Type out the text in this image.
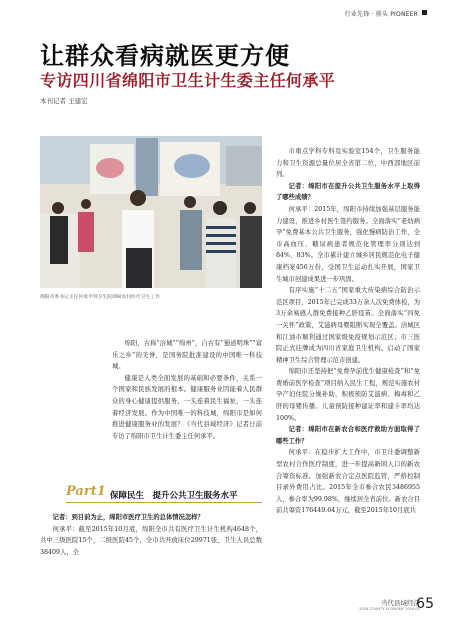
行业先锋 · 排头 PIONEER
让群众看病就医更方便
专访四川省绵阳市卫生计生委主任何承平
本刊记者 王建宏
绵阳市委书记主任何承平到卫生院调研农村医疗卫生工作

绵阳，古称“涪城”“绵州”，自古有“蜀道明珠”“富乐之乡”的美誉，是国务院批准建设的中国唯一科技城。

健康是人类全面发展的基础和必要条件，关系一个国家和民族发展的根本。健康服务业因能着人民群众的身心健康提供服务，一头连着民生福祉，一头连着经济发展。作为中国唯一的科技城，绵阳市是如何推进健康服务业的发展？《当代县域经济》记者日前专访了绵阳市卫生计生委主任何承平。

Part1 保障民生　提升公共卫生服务水平

记者：到目前为止，绵阳市医疗卫生的总体情况怎样？

何承平：截至2015年10月底，绵阳全市共有医疗卫生计生机构4648个，共中三级医院15个，二级医院45个，全市共开放床位29971张，卫生人员总数38409人，全

市重点学科专科及实验室154个，卫生服务能力和卫生资源总量位居全省第二位，中西部地区前列。

记者：绵阳市在提升公共卫生服务水平上取得了哪些成绩？

何承平：2015年，绵阳市持续加强基层服务能力建设，推进乡村医生签约服务。全面落实“老幼病孕”免费基本公共卫生服务，强化慢病防治工作，全市高血压、糖尿病患者规范化管理率分别达到84%、83%。全市累计建立城乡居民规范化电子健康档案456万份，受国卫生运动扎实开展，国家卫生城市创建成果进一步巩固。

有序实施“十二五”国家重大传染病综合防治示范区项目，2015年已完成33万余人次免费体检，为3万余易感人群免费接种乙肝疫苗。全面落实“四免一关怀”政策，艾滋病母婴阻断实现全覆盖。涪城区和江油市顺利通过国家级免疫规划示范区；市三医院正式挂牌成为四川省家庭卫生机构。启动了国家精神卫生综合管理示范市创建。

绵阳市还坚持把“免费孕前优生健康检查”和“免费婚前医学检查”项目纳入民生工程，规范实施农村孕产妇住院分娩补助，积极预防艾滋病、梅毒和乙肝的母婴传播。儿童预防接种建证率和建卡率均达100%。

记者：绵阳市在新农合和医疗救助方面取得了哪些工作？

何承平：在稳步扩大工作中，市卫计委调整新型农村合作医疗制度，进一步提高新困人口的新农合筹资标准。加强新农合定点医院监管，严格控制目录外费用占比。2015年全市参合农民3486955人，参合率为99.98%，继续居全省前位。新农合目前共筹资176449.64万元，截至2015年10月底共

当代县域经济
2016 COUNTY ECONOMY 2016.01
65
